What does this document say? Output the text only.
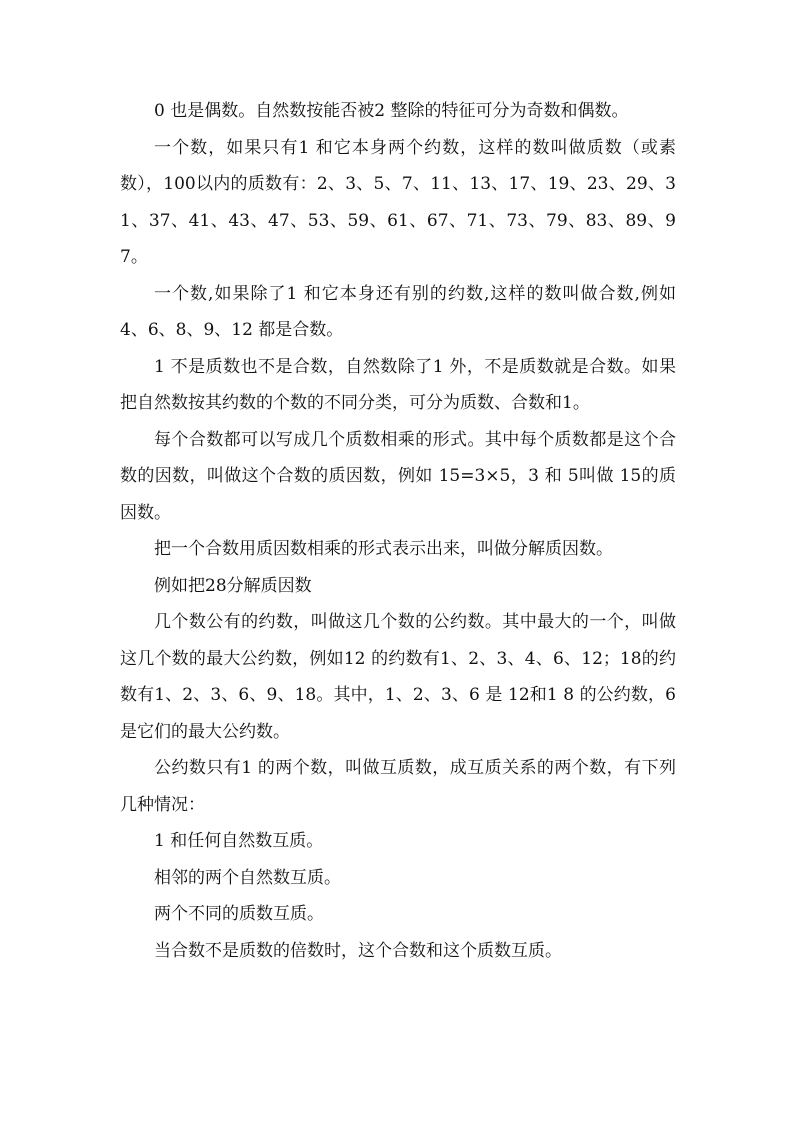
0 也是偶数。自然数按能否被2 整除的特征可分为奇数和偶数。

一个数，如果只有1 和它本身两个约数，这样的数叫做质数（或素数），100以内的质数有：2、3、5、7、11、13、17、19、23、29、31、37、41、43、47、53、59、61、67、71、73、79、83、89、97。

一个数,如果除了1 和它本身还有别的约数,这样的数叫做合数,例如 4、6、8、9、12 都是合数。

1 不是质数也不是合数，自然数除了1 外，不是质数就是合数。如果把自然数按其约数的个数的不同分类，可分为质数、合数和1。

每个合数都可以写成几个质数相乘的形式。其中每个质数都是这个合数的因数，叫做这个合数的质因数，例如 15=3×5，3 和 5叫做 15的质因数。

把一个合数用质因数相乘的形式表示出来，叫做分解质因数。

例如把28分解质因数

几个数公有的约数，叫做这几个数的公约数。其中最大的一个，叫做这几个数的最大公约数，例如12 的约数有1、2、3、4、6、12；18的约数有1、2、3、6、9、18。其中，1、2、3、6 是 12和1 8 的公约数，6 是它们的最大公约数。

公约数只有1 的两个数，叫做互质数，成互质关系的两个数，有下列几种情况：

1 和任何自然数互质。

相邻的两个自然数互质。

两个不同的质数互质。

当合数不是质数的倍数时，这个合数和这个质数互质。
